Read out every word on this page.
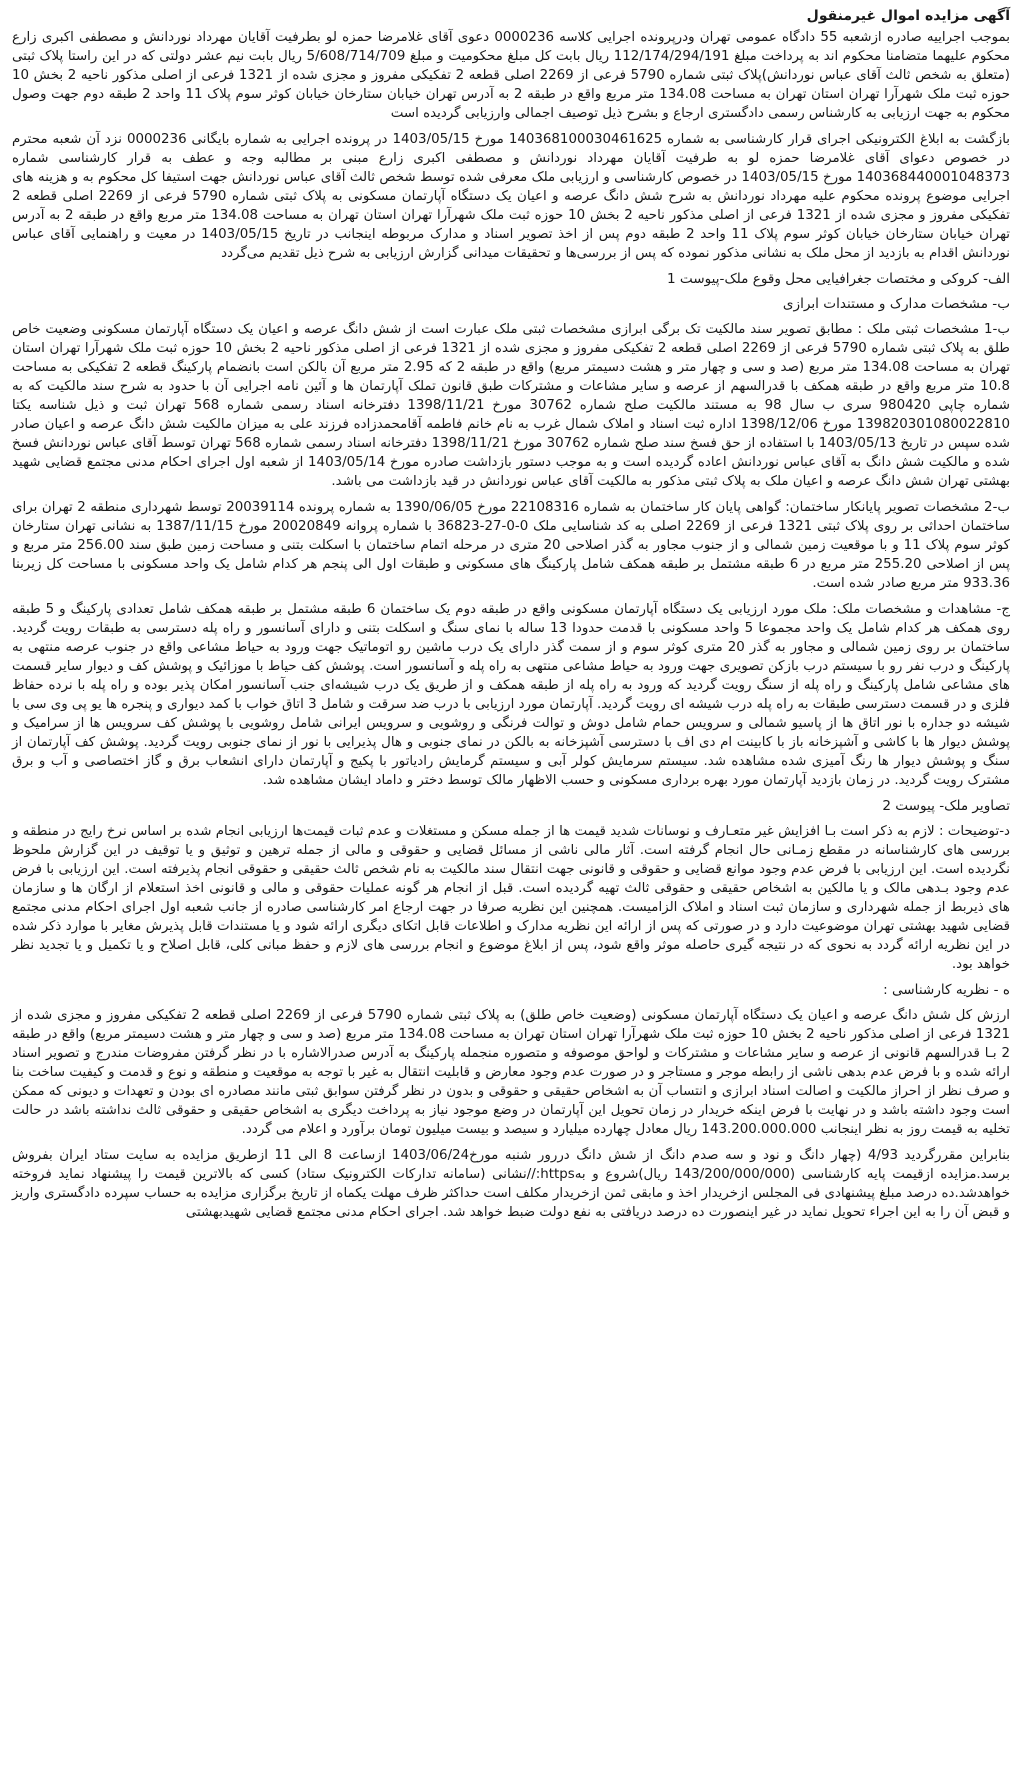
آگهی مزایده اموال غیرمنقول

بموجب اجراییه صادره ازشعبه 55 دادگاه عمومی تهران ودرپرونده اجرایی کلاسه 0000236 دعوی آقای غلامرضا حمزه لو بطرفیت آقایان مهرداد نوردانش و مصطفی اکبری زارع محکوم علیهما متضامنا محکوم اند به پرداخت مبلغ 112/174/294/191 ریال بابت کل مبلغ محکومیت و مبلغ 5/608/714/709 ریال بابت نیم عشر دولتی که در این راستا پلاک ثبتی (متعلق به شخص ثالث آقای عباس نوردانش)پلاک ثبتی شماره 5790 فرعی از 2269 اصلی قطعه 2 تفکیکی مفروز و مجزی شده از 1321 فرعی از اصلی مذکور ناحیه 2 بخش 10 حوزه ثبت ملک شهرآرا تهران استان تهران به مساحت 134.08 متر مربع واقع در طبقه 2 به آدرس تهران خیابان ستارخان خیابان کوثر سوم پلاک 11 واحد 2 طبقه دوم جهت وصول محکوم به جهت ارزیابی به کارشناس رسمی دادگستری ارجاع و بشرح ذیل توصیف اجمالی وارزیابی گردیده است

بازگشت به ابلاغ الکترونیکی اجرای قرار کارشناسی به شماره 140368100030461625 مورخ 1403/05/15 در پرونده اجرایی به شماره بایگانی 0000236 نزد آن شعبه محترم در خصوص دعوای آقای غلامرضا حمزه لو به طرفیت آقایان مهرداد نوردانش و مصطفی اکبری زارع مبنی بر مطالبه وجه و عطف به قرار کارشناسی شماره 140368440001048373 مورخ 1403/05/15 در خصوص کارشناسی و ارزیابی ملک معرفی شده توسط شخص ثالث آقای عباس نوردانش جهت استیفا کل محکوم به و هزینه های اجرایی موضوع پرونده محکوم علیه مهرداد نوردانش به شرح شش دانگ عرصه و اعیان یک دستگاه آپارتمان مسکونی به پلاک ثبتی شماره 5790 فرعی از 2269 اصلی قطعه 2 تفکیکی مفروز و مجزی شده از 1321 فرعی از اصلی مذکور ناحیه 2 بخش 10 حوزه ثبت ملک شهرآرا تهران استان تهران به مساحت 134.08 متر مربع واقع در طبقه 2 به آدرس تهران خیابان ستارخان خیابان کوثر سوم پلاک 11 واحد 2 طبقه دوم پس از اخذ تصویر اسناد و مدارک مربوطه اینجانب در تاریخ 1403/05/15 در معیت و راهنمایی آقای عباس نوردانش اقدام به بازدید از محل ملک به نشانی مذکور نموده که پس از بررسی‌ها و تحقیقات میدانی گزارش ارزیابی به شرح ذیل تقدیم می‌گردد

الف- کروکی و مختصات جغرافیایی محل وقوع ملک-پیوست 1
ب- مشخصات مدارک و مستندات ابرازی

ب-1 مشخصات ثبتی ملک : مطابق تصویر سند مالکیت تک برگی ابرازی مشخصات ثبتی ملک عبارت است از شش دانگ عرصه و اعیان یک دستگاه آپارتمان مسکونی وضعیت خاص طلق به پلاک ثبتی شماره 5790 فرعی از 2269 اصلی قطعه 2 تفکیکی مفروز و مجزی شده از 1321 فرعی از اصلی مذکور ناحیه 2 بخش 10 حوزه ثبت ملک شهرآرا تهران استان تهران به مساحت 134.08 متر مربع (صد و سی و چهار متر و هشت دسیمتر مربع) واقع در طبقه 2 که 2.95 متر مربع آن بالکن است بانضمام پارکینگ قطعه 2 تفکیکی به مساحت 10.8 متر مربع واقع در طبقه همکف با قدرالسهم از عرصه و سایر مشاعات و مشترکات طبق قانون تملک آپارتمان ها و آئین نامه اجرایی آن با حدود به شرح سند مالکیت که به شماره چاپی 980420 سری ب سال 98 به مستند مالکیت صلح شماره 30762 مورخ 1398/11/21 دفترخانه اسناد رسمی شماره 568 تهران ثبت و ذیل شناسه یکتا 139820301080022810 مورخ 1398/12/06 اداره ثبت اسناد و املاک شمال غرب به نام خانم فاطمه آقامحمدزاده فرزند علی به میزان مالکیت شش دانگ عرصه و اعیان صادر شده سپس در تاریخ 1403/05/13 با استفاده از حق فسخ سند صلح شماره 30762 مورخ 1398/11/21 دفترخانه اسناد رسمی شماره 568 تهران توسط آقای عباس نوردانش فسخ شده و مالکیت شش دانگ به آقای عباس نوردانش اعاده گردیده است و به موجب دستور بازداشت صادره مورخ 1403/05/14 از شعبه اول اجرای احکام مدنی مجتمع قضایی شهید بهشتی تهران شش دانگ عرصه و اعیان ملک به پلاک ثبتی مذکور به مالکیت آقای عباس نوردانش در قید بازداشت می باشد.

ب-2 مشخصات تصویر پایانکار ساختمان: گواهی پایان کار ساختمان به شماره 22108316 مورخ 1390/06/05 به شماره پرونده 20039114 توسط شهرداری منطقه 2 تهران برای ساختمان احداثی بر روی پلاک ثبتی 1321 فرعی از 2269 اصلی به کد شناسایی ملک 0-0-27-36823 با شماره پروانه 20020849 مورخ 1387/11/15 به نشانی تهران ستارخان کوثر سوم پلاک 11 و با موقعیت زمین شمالی و از جنوب مجاور به گذر اصلاحی 20 متری در مرحله اتمام ساختمان با اسکلت بتنی و مساحت زمین طبق سند 256.00 متر مربع و پس از اصلاحی 255.20 متر مربع در 6 طبقه مشتمل بر طبقه همکف شامل پارکینگ های مسکونی و طبقات اول الی پنجم هر کدام شامل یک واحد مسکونی با مساحت کل زیربنا 933.36 متر مربع صادر شده است.

ج- مشاهدات و مشخصات ملک: ملک مورد ارزیابی یک دستگاه آپارتمان مسکونی واقع در طبقه دوم یک ساختمان 6 طبقه مشتمل بر طبقه همکف شامل تعدادی پارکینگ و 5 طبقه روی همکف هر کدام شامل یک واحد مجموعا 5 واحد مسکونی با قدمت حدودا 13 ساله با نمای سنگ و اسکلت بتنی و دارای آسانسور و راه پله دسترسی به طبقات رویت گردید. ساختمان بر روی زمین شمالی و مجاور به گذر 20 متری کوثر سوم و از سمت گذر دارای یک درب ماشین رو اتوماتیک جهت ورود به حیاط مشاعی واقع در جنوب عرصه منتهی به پارکینگ و درب نفر رو با سیستم درب بازکن تصویری جهت ورود به حیاط مشاعی منتهی به راه پله و آسانسور است. پوشش کف حیاط با موزائیک و پوشش کف و دیوار سایر قسمت های مشاعی شامل پارکینگ و راه پله از سنگ رویت گردید که ورود به راه پله از طبقه همکف و از طریق یک درب شیشه‌ای جنب آسانسور امکان پذیر بوده و راه پله با نرده حفاظ فلزی و در قسمت دسترسی طبقات به راه پله درب شیشه ای رویت گردید. آپارتمان مورد ارزیابی با درب ضد سرقت و شامل 3 اتاق خواب با کمد دیواری و پنجره ها یو پی وی سی با شیشه دو جداره با نور اتاق ها از پاسیو شمالی و سرویس حمام شامل دوش و توالت فرنگی و روشویی و سرویس ایرانی شامل روشویی با پوشش کف سرویس ها از سرامیک و پوشش دیوار ها با کاشی و آشپزخانه باز با کابینت ام دی اف با دسترسی آشپزخانه به بالکن در نمای جنوبی و هال پذیرایی با نور از نمای جنوبی رویت گردید. پوشش کف آپارتمان از سنگ و پوشش دیوار ها رنگ آمیزی شده مشاهده شد. سیستم سرمایش کولر آبی و سیستم گرمایش رادیاتور با پکیج و آپارتمان دارای انشعاب برق و گاز اختصاصی و آب و برق مشترک رویت گردید. در زمان بازدید آپارتمان مورد بهره برداری مسکونی و حسب الاظهار مالک توسط دختر و داماد ایشان مشاهده شد.

تصاویر ملک- پیوست 2

د-توضیحات : لازم به ذکر است بـا افزایش غیر متعـارف و نوسانات شدید قیمت ها از جمله مسکن و مستغلات و عدم ثبات قیمت‌ها ارزیابی انجام شده بر اساس نرخ رایج در منطقه و بررسی های کارشناسانه در مقطع زمـانی حال انجام گرفته است. آثار مالی ناشی از مسائل قضایی و حقوقی و مالی از جمله ترهین و توثیق و یا توقیف در این گزارش ملحوظ نگردیده است. این ارزیابی با فرض عدم وجود موانع قضایی و حقوقی و قانونی جهت انتقال سند مالکیت به نام شخص ثالث حقیقی و حقوقی انجام پذیرفته است. این ارزیابی با فرض عدم وجود بـدهی مالک و یا مالکین به اشخاص حقیقی و حقوقی ثالث تهیه گردیده است. قبل از انجام هر گونه عملیات حقوقی و مالی و قانونی اخذ استعلام از ارگان ها و سازمان های ذیربط از جمله شهرداری و سازمان ثبت اسناد و املاک الزامیست. همچنین این نظریه صرفا در جهت ارجاع امر کارشناسی صادره از جانب شعبه اول اجرای احکام مدنی مجتمع قضایی شهید بهشتی تهران موضوعیت دارد و در صورتی که پس از ارائه این نظریه مدارک و اطلاعات قابل اتکای دیگری ارائه شود و یا مستندات قابل پذیرش مغایر با موارد ذکر شده در این نظریه ارائه گردد به نحوی که در نتیجه گیری حاصله موثر واقع شود، پس از ابلاغ موضوع و انجام بررسی های لازم و حفظ مبانی کلی، قابل اصلاح و یا تکمیل و یا تجدید نظر خواهد بود.

ه - نظریه کارشناسی :

ارزش کل شش دانگ عرصه و اعیان یک دستگاه آپارتمان مسکونی (وضعیت خاص طلق) به پلاک ثبتی شماره 5790 فرعی از 2269 اصلی قطعه 2 تفکیکی مفروز و مجزی شده از 1321 فرعی از اصلی مذکور ناحیه 2 بخش 10 حوزه ثبت ملک شهرآرا تهران استان تهران به مساحت 134.08 متر مربع (صد و سی و چهار متر و هشت دسیمتر مربع) واقع در طبقه 2 بـا قدرالسهم قانونی از عرصه و سایر مشاعات و مشترکات و لواحق موصوفه و متصوره منجمله پارکینگ به آدرس صدرالاشاره با در نظر گرفتن مفروضات مندرج و تصویر اسناد ارائه شده و با فرض عدم بدهی ناشی از رابطه موجر و مستاجر و در صورت عدم وجود معارض و قابلیت انتقال به غیر با توجه به موقعیت و منطقه و نوع و قدمت و کیفیت ساخت بنا و صرف نظر از احراز مالکیت و اصالت اسناد ابرازی و انتساب آن به اشخاص حقیقی و حقوقی و بدون در نظر گرفتن سوابق ثبتی مانند مصادره ای بودن و تعهدات و دیونی که ممکن است وجود داشته باشد و در نهایت با فرض اینکه خریدار در زمان تحویل این آپارتمان در وضع موجود نیاز به پرداخت دیگری به اشخاص حقیقی و حقوقی ثالث نداشته باشد در حالت تخلیه به قیمت روز به نظر اینجانب 143.200.000.000 ریال معادل چهارده میلیارد و سیصد و بیست میلیون تومان برآورد و اعلام می گردد.

بنابراین مقررگردید 4/93 (چهار دانگ و نود و سه صدم دانگ از شش دانگ دررور شنبه مورخ1403/06/24 ازساعت 8 الی 11 ازطریق مزایده به سایت ستاد ایران بفروش برسد.مزایده ازقیمت پایه کارشناسی (143/200/000/000 ریال)شروع و به‌https://نشانی (سامانه تدارکات الکترونیک ستاد) کسی که بالاترین قیمت را پیشنهاد نماید فروخته خواهدشد.ده درصد مبلغ پیشنهادی فی المجلس ازخریدار اخذ و مابقی ثمن ازخریدار مکلف است حداکثر ظرف مهلت یکماه از تاریخ برگزاری مزایده به حساب سپرده دادگستری واریز و قبض آن را به این اجراء تحویل نماید در غیر اینصورت ده درصد دریافتی به نفع دولت ضبط خواهد شد. اجرای احکام مدنی مجتمع قضایی شهیدبهشتی
